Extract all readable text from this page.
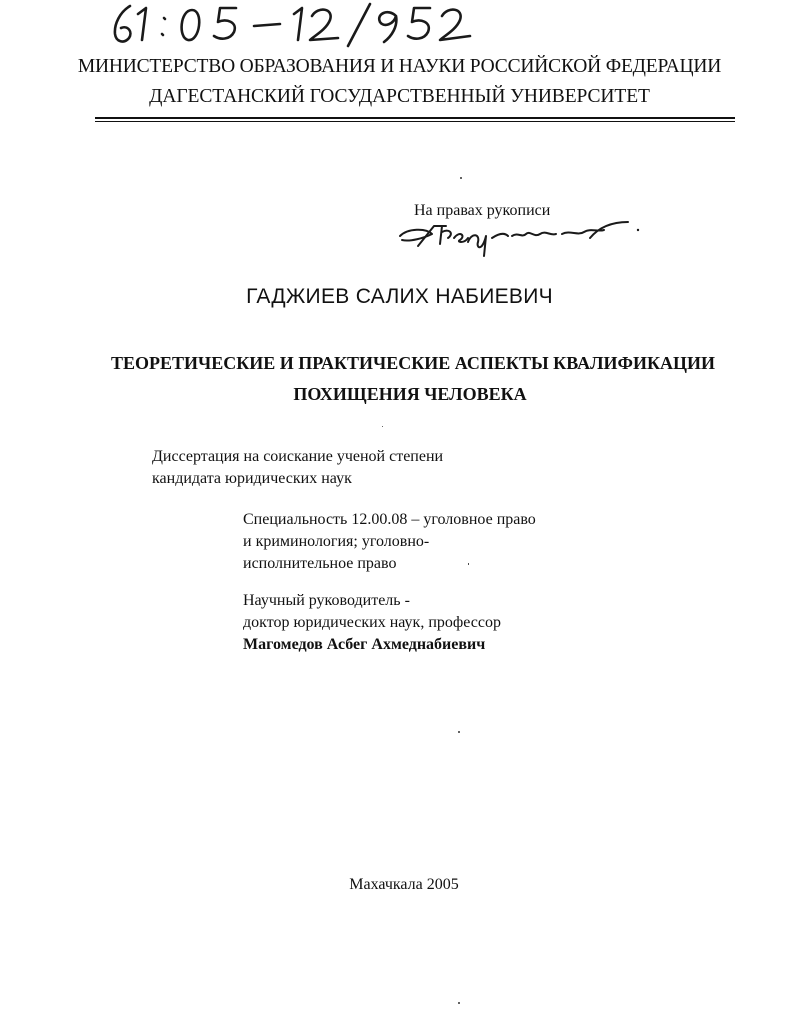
МИНИСТЕРСТВО ОБРАЗОВАНИЯ И НАУКИ РОССИЙСКОЙ ФЕДЕРАЦИИ
ДАГЕСТАНСКИЙ ГОСУДАРСТВЕННЫЙ УНИВЕРСИТЕТ
На правах рукописи
ГАДЖИЕВ САЛИХ НАБИЕВИЧ
ТЕОРЕТИЧЕСКИЕ И ПРАКТИЧЕСКИЕ АСПЕКТЫ КВАЛИФИКАЦИИ
ПОХИЩЕНИЯ ЧЕЛОВЕКА
Диссертация на соискание ученой степени
кандидата юридических наук
Специальность 12.00.08 – уголовное право
и криминология; уголовно-
исполнительное право
Научный руководитель -
доктор юридических наук, профессор
Магомедов Асбег Ахмеднабиевич
Махачкала 2005
